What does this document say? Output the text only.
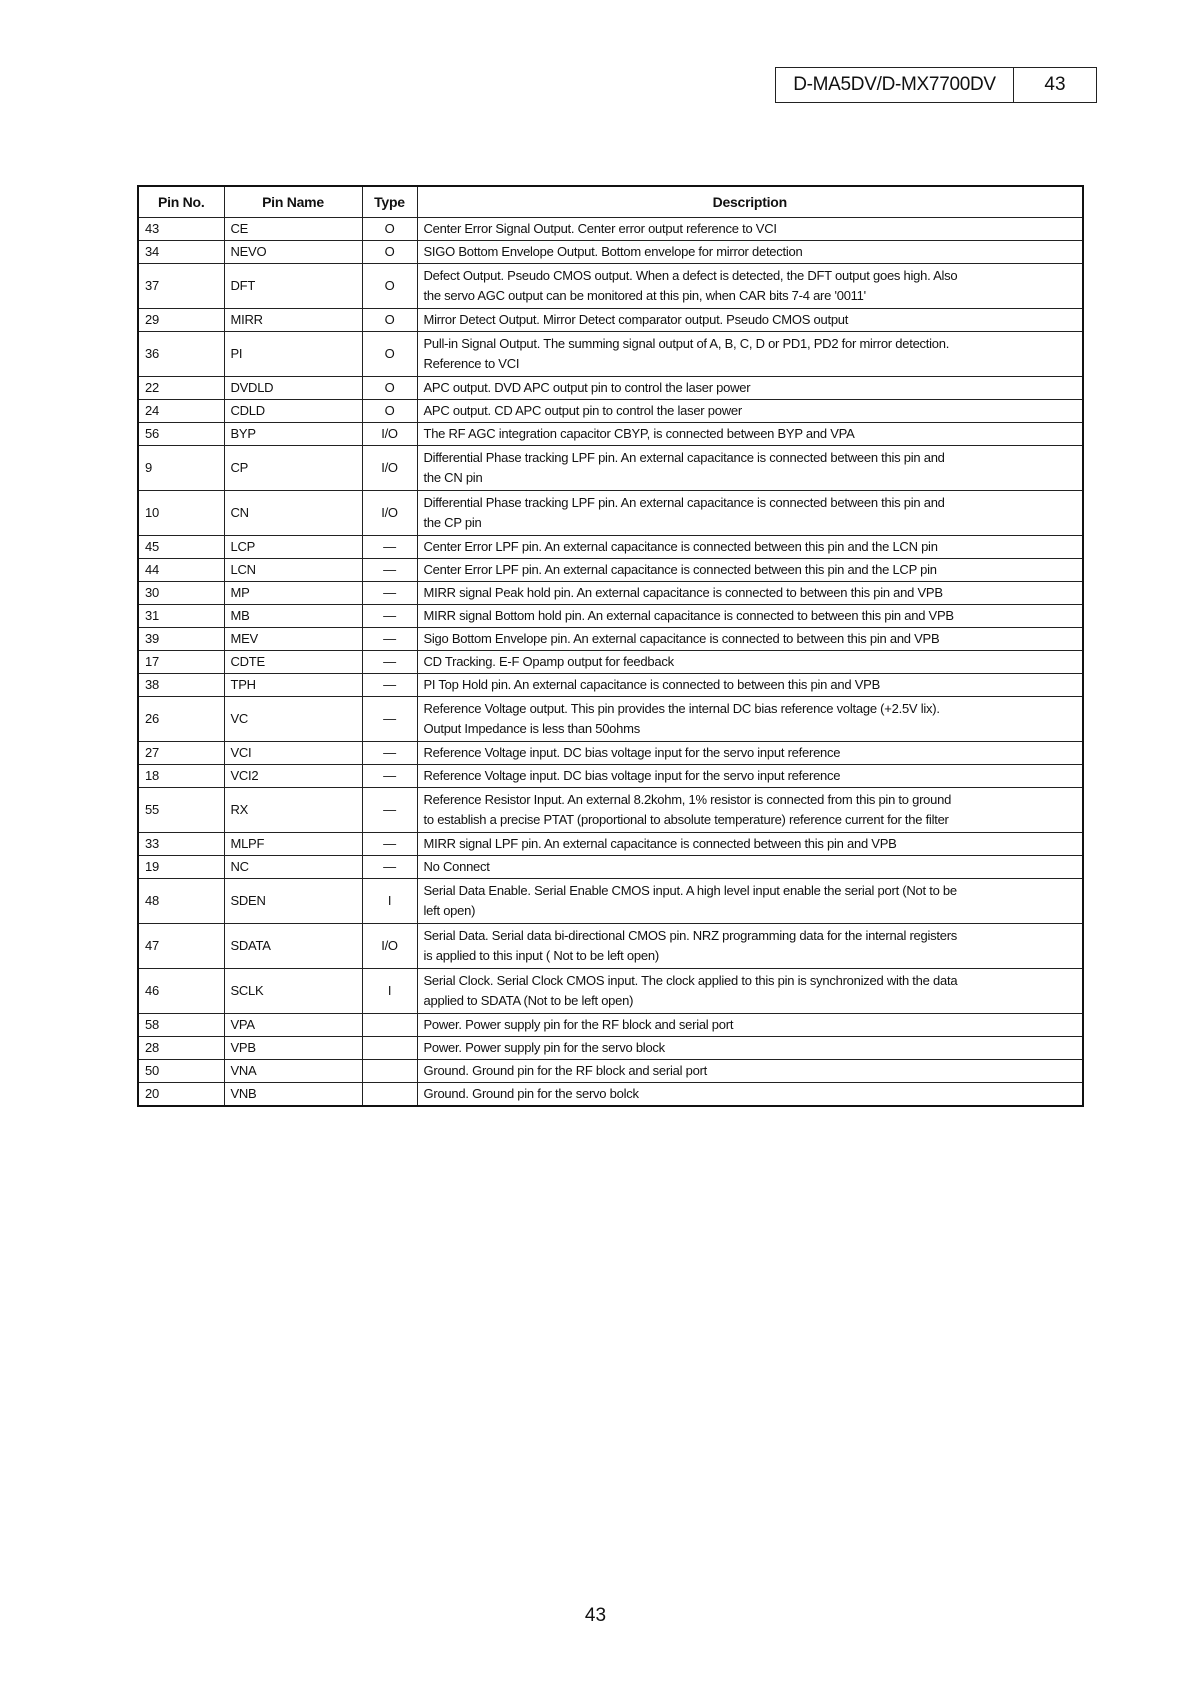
D-MA5DV/D-MX7700DV	43
Pin No.	Pin Name	Type	Description
43	CE	O	Center Error Signal Output. Center error output reference to VCI

34	NEVO	O	SIGO Bottom Envelope Output. Bottom envelope for mirror detection

37	DFT	O	Defect Output. Pseudo CMOS output. When a defect is detected, the DFT output goes high. Also
the servo AGC output can be monitored at this pin, when CAR bits 7-4 are '0011'

29	MIRR	O	Mirror Detect Output. Mirror Detect comparator output. Pseudo CMOS output

36	PI	O	Pull-in Signal Output. The summing signal output of A, B, C, D or PD1, PD2 for mirror detection.
Reference to VCI

22	DVDLD	O	APC output. DVD APC output pin to control the laser power

24	CDLD	O	APC output. CD APC output pin to control the laser power

56	BYP	I/O	The RF AGC integration capacitor CBYP, is connected between BYP and VPA

9	CP	I/O	Differential Phase tracking LPF pin. An external capacitance is connected between this pin and
the CN pin

10	CN	I/O	Differential Phase tracking LPF pin. An external capacitance is connected between this pin and
the CP pin

45	LCP	—	Center Error LPF pin. An external capacitance is connected between this pin and the LCN pin

44	LCN	—	Center Error LPF pin. An external capacitance is connected between this pin and the LCP pin

30	MP	—	MIRR signal Peak hold pin. An external capacitance is connected to between this pin and VPB

31	MB	—	MIRR signal Bottom hold pin. An external capacitance is connected to between this pin and VPB

39	MEV	—	Sigo Bottom Envelope pin. An external capacitance is connected to between this pin and VPB

17	CDTE	—	CD Tracking. E-F Opamp output for feedback

38	TPH	—	PI Top Hold pin. An external capacitance is connected to between this pin and VPB

26	VC	—	Reference Voltage output. This pin provides the internal DC bias reference voltage (+2.5V lix).
Output Impedance is less than 50ohms

27	VCI	—	Reference Voltage input. DC bias voltage input for the servo input reference

18	VCI2	—	Reference Voltage input. DC bias voltage input for the servo input reference

55	RX	—	Reference Resistor Input. An external 8.2kohm, 1% resistor is connected from this pin to ground
to establish a precise PTAT (proportional to absolute temperature) reference current for the filter

33	MLPF	—	MIRR signal LPF pin. An external capacitance is connected between this pin and VPB

19	NC	—	No Connect

48	SDEN	I	Serial Data Enable. Serial Enable CMOS input. A high level input enable the serial port (Not to be
left open)

47	SDATA	I/O	Serial Data. Serial data bi-directional CMOS pin. NRZ programming data for the internal registers
is applied to this input ( Not to be left open)

46	SCLK	I	Serial Clock. Serial Clock CMOS input. The clock applied to this pin is synchronized with the data
applied to SDATA (Not to be left open)

58	VPA		Power. Power supply pin for the RF block and serial port

28	VPB		Power. Power supply pin for the servo block

50	VNA		Ground. Ground pin for the RF block and serial port

20	VNB		Ground. Ground pin for the servo bolck
43
